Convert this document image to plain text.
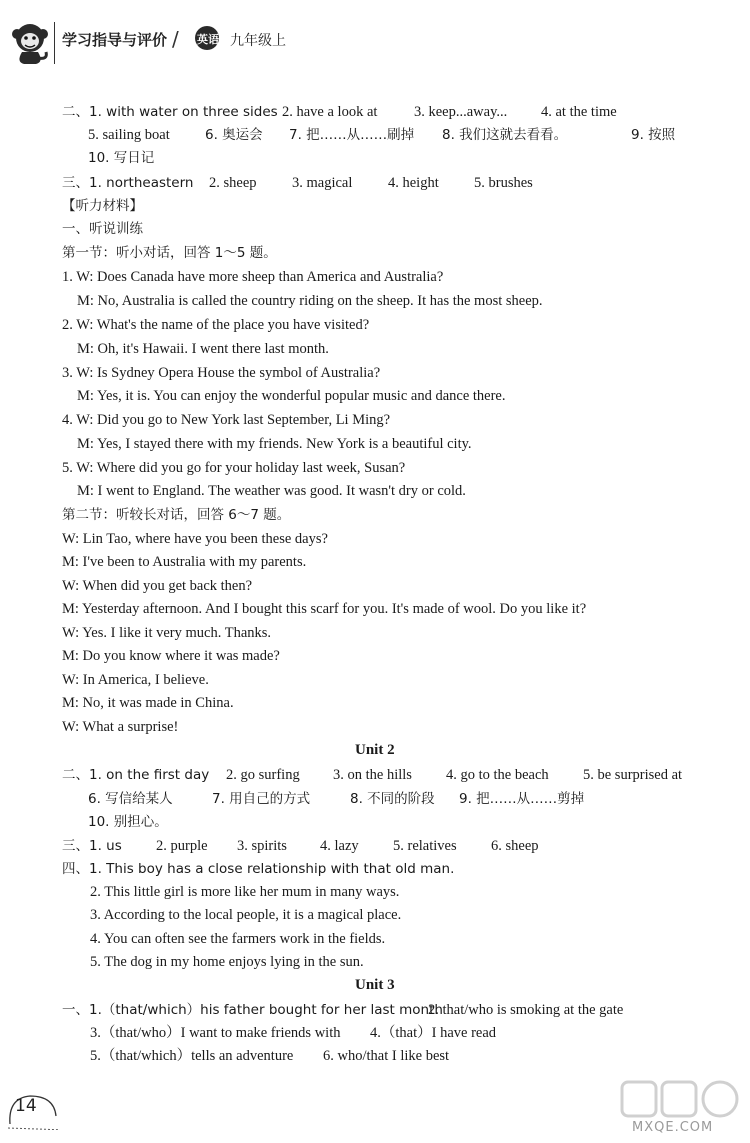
学习指导与评价 / 英语 九年级上
二、1. with water on three sides 2. have a look at	3. keep...away... 4. at the time
5. sailing boat	6. 奥运会 7. 把……从……刷掉 8. 我们这就去看看。	9. 按照
10. 写日记
三、1. northeastern 2. sheep 3. magical 4. height 5. brushes
【听力材料】
一、听说训练
第一节：听小对话，回答 1～5 题。
1. W: Does Canada have more sheep than America and Australia?
M: No, Australia is called the country riding on the sheep. It has the most sheep.
2. W: What's the name of the place you have visited?
M: Oh, it's Hawaii. I went there last month.
3. W: Is Sydney Opera House the symbol of Australia?
M: Yes, it is. You can enjoy the wonderful popular music and dance there.
4. W: Did you go to New York last September, Li Ming?
M: Yes, I stayed there with my friends. New York is a beautiful city.
5. W: Where did you go for your holiday last week, Susan?
M: I went to England. The weather was good. It wasn't dry or cold.
第二节：听较长对话，回答 6～7 题。
W: Lin Tao, where have you been these days?
M: I've been to Australia with my parents.
W: When did you get back then?
M: Yesterday afternoon. And I bought this scarf for you. It's made of wool. Do you like it?
W: Yes. I like it very much. Thanks.
M: Do you know where it was made?
W: In America, I believe.
M: No, it was made in China.
W: What a surprise!
二、1. on the first day 2. go surfing 3. on the hills 4. go to the beach 5. be surprised at
6. 写信给某人	7. 用自己的方式	8. 不同的阶段 9. 把……从……剪掉
10. 别担心。
三、1. us 2. purple 3. spirits 4. lazy 5. relatives 6. sheep
四、1. This boy has a close relationship with that old man.
2. This little girl is more like her mum in many ways.
3. According to the local people, it is a magical place.
4. You can often see the farmers work in the fields.
5. The dog in my home enjoys lying in the sun.
一、1.（that/which）his father bought for her last month
2. that/who is smoking at the gate
3.（that/who）I want to make friends with 4.（that）I have read
5.（that/which）tells an adventure 6. who/that I like best
Unit 2
Unit 3
14
MXQE.COM
